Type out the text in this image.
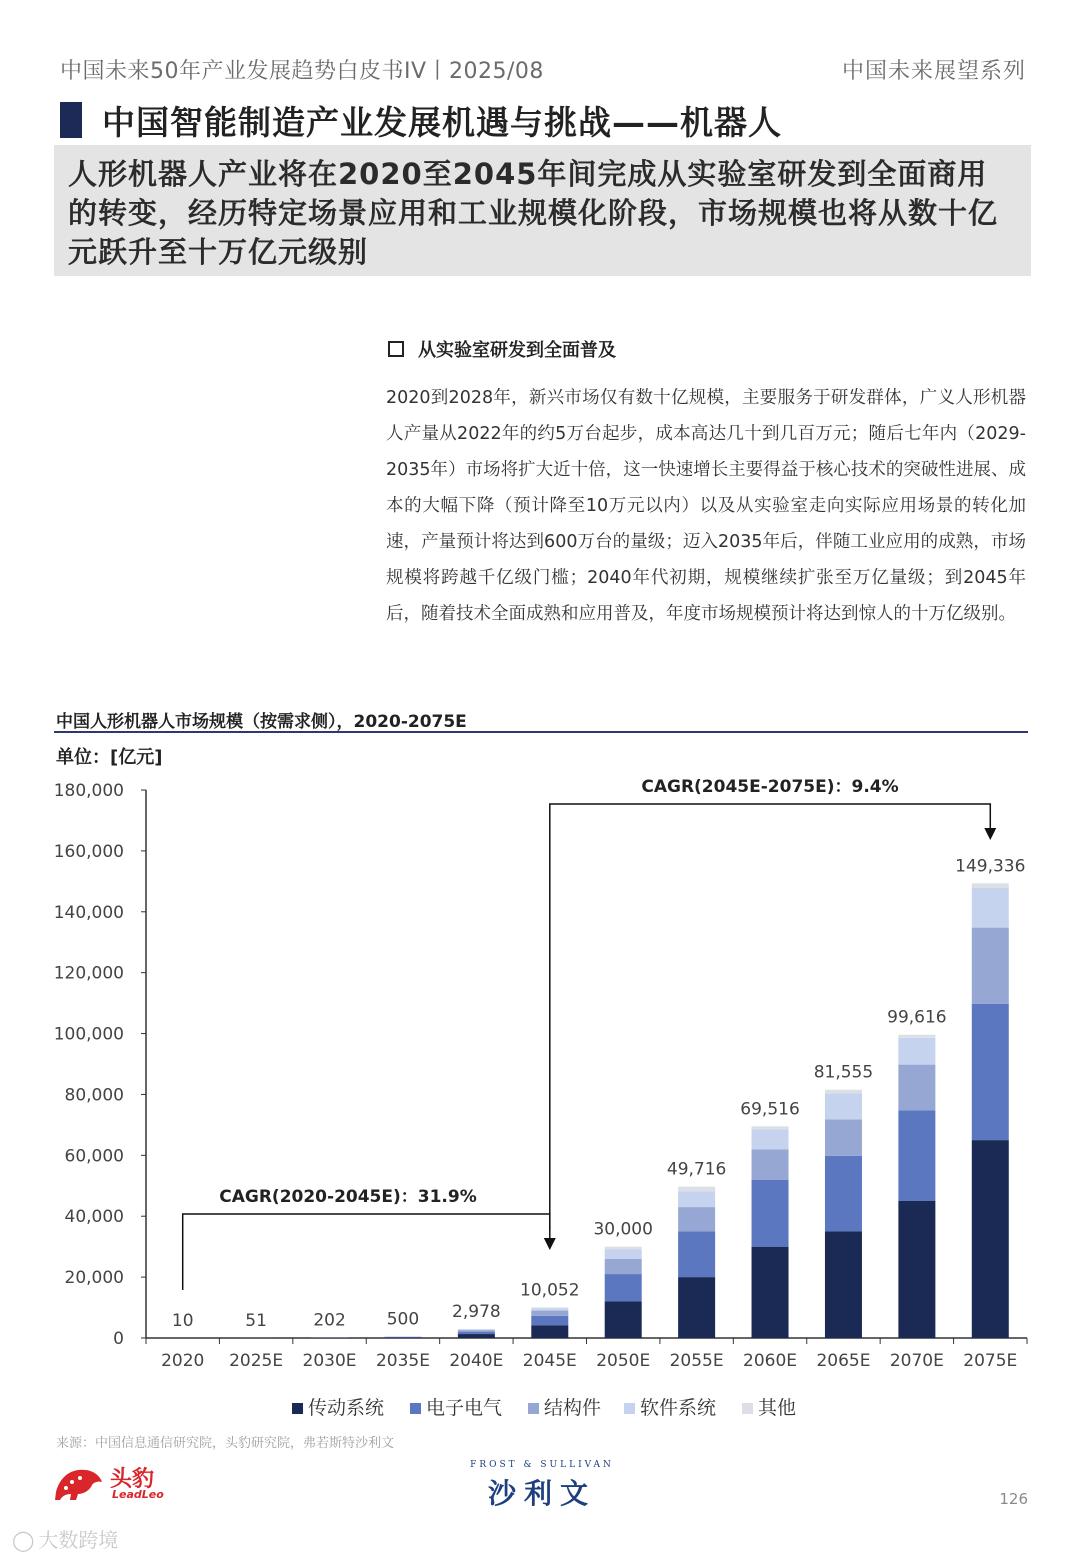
中国未来50年产业发展趋势白皮书IV丨2025/08	中国未来展望系列
中国智能制造产业发展机遇与挑战——机器人
人形机器人产业将在2020至2045年间完成从实验室研发到全面商用的转变，经历特定场景应用和工业规模化阶段，市场规模也将从数十亿元跃升至十万亿元级别
从实验室研发到全面普及
2020到2028年，新兴市场仅有数十亿规模，主要服务于研发群体，广义人形机器人产量从2022年的约5万台起步，成本高达几十到几百万元；随后七年内（2029-2035年）市场将扩大近十倍，这一快速增长主要得益于核心技术的突破性进展、成本的大幅下降（预计降至10万元以内）以及从实验室走向实际应用场景的转化加速，产量预计将达到600万台的量级；迈入2035年后，伴随工业应用的成熟，市场规模将跨越千亿级门槛；2040年代初期，规模继续扩张至万亿量级；到2045年后，随着技术全面成熟和应用普及，年度市场规模预计将达到惊人的十万亿级别。
中国人形机器人市场规模（按需求侧），2020-2075E
单位：[亿元]
0
20,000
40,000
60,000
80,000
100,000
120,000
140,000
160,000
180,000
2020 2025E 2030E 2035E 2040E 2045E 2050E 2055E 2060E 2065E 2070E 2075E
10	51	202 500 2,978
10,052
30,000
49,716
69,516
81,555
99,616
149,336
CAGR(2020-2045E)：31.9%
CAGR(2045E-2075E)：9.4%
传动系统 电子电气 结构件 软件系统 其他
来源：中国信息通信研究院，头豹研究院，弗若斯特沙利文
头豹
LeadLeo
FROST & SULLIVAN
沙利文	126
◯ 大数跨境
